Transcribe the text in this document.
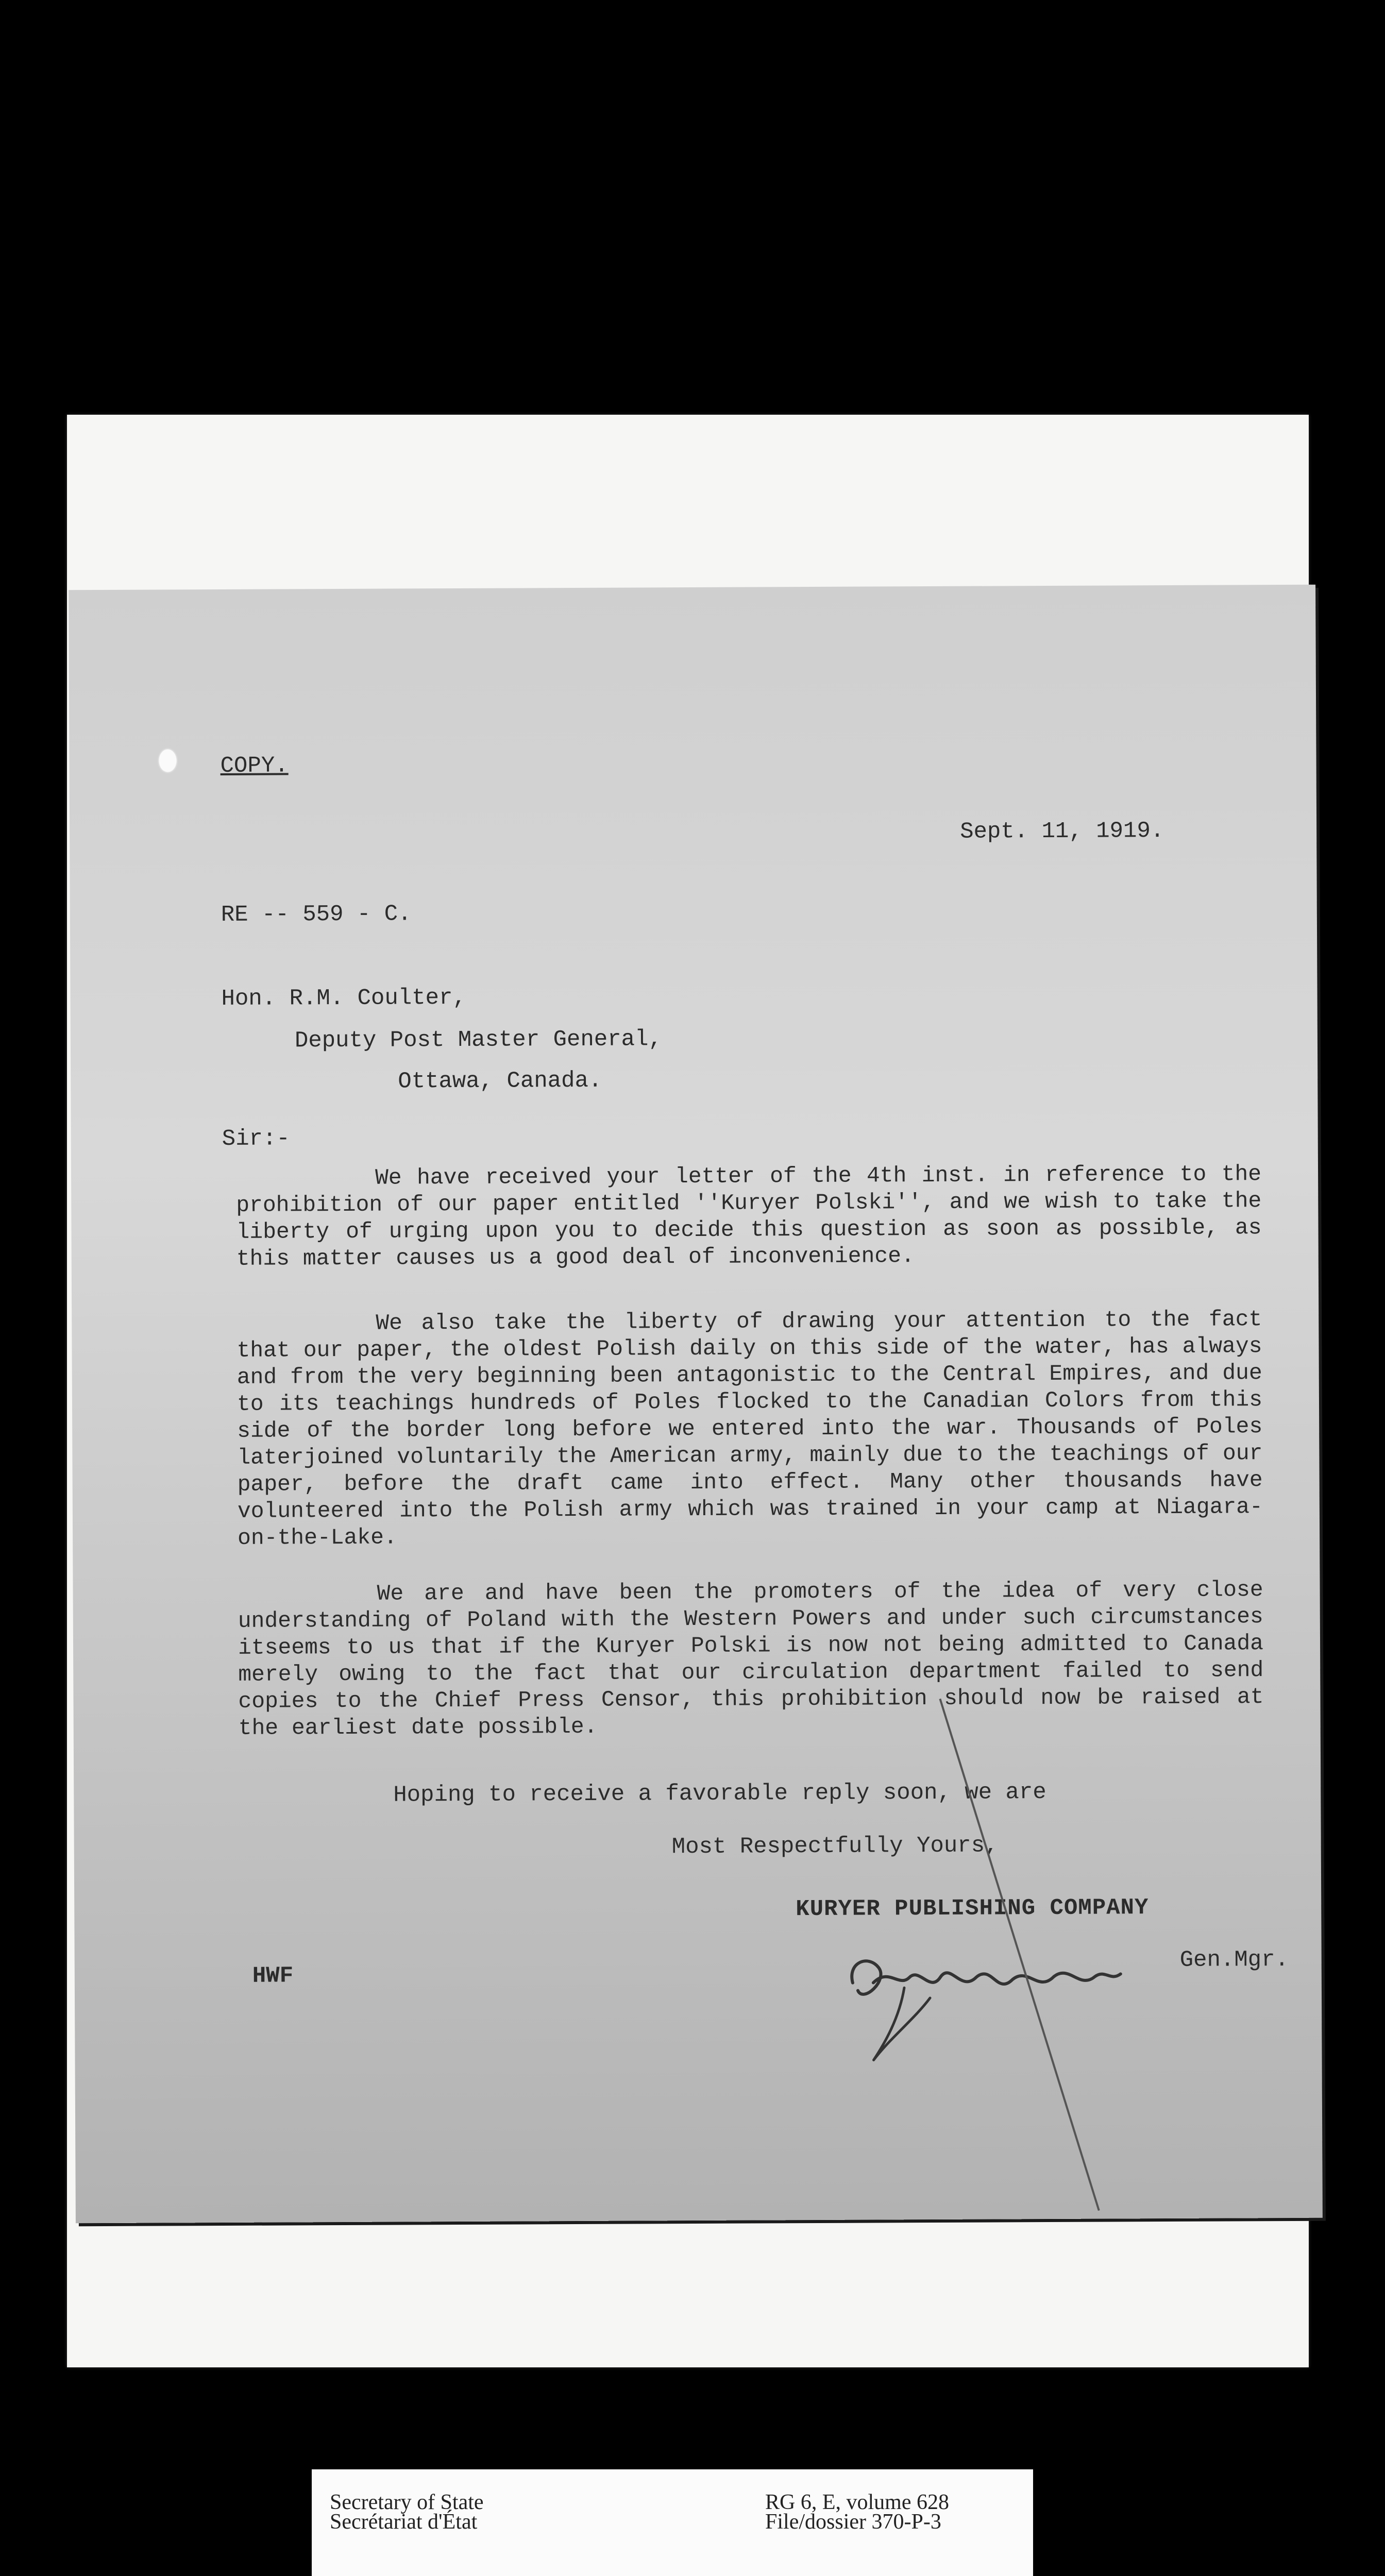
COPY.
Sept. 11, 1919.
RE -- 559 - C.
Hon. R.M. Coulter,
Deputy Post Master General,
Ottawa, Canada.
Sir:-

We have received your letter of the 4th inst. in reference to the prohibition of our paper entitled ''Kuryer Polski'', and we wish to take the liberty of urging upon you to decide this question as soon as possible, as this matter causes us a good deal of inconvenience.

We also take the liberty of drawing your attention to the fact that our paper, the oldest Polish daily on this side of the water, has always and from the very beginning been antagonistic to the Central Empires, and due to its teachings hundreds of Poles flocked to the Canadian Colors from this side of the border long before we entered into the war. Thousands of Poles laterjoined voluntarily the American army, mainly due to the teachings of our paper, before the draft came into effect. Many other thousands have volunteered into the Polish army which was trained in your camp at Niagara-on-the-Lake.

We are and have been the promoters of the idea of very close understanding of Poland with the Western Powers and under such circumstances itseems to us that if the Kuryer Polski is now not being admitted to Canada merely owing to the fact that our circulation department failed to send copies to the Chief Press Censor, this prohibition should now be raised at the earliest date possible.

Hoping to receive a favorable reply soon, we are
Most Respectfully Yours,
KURYER PUBLISHING COMPANY
HWF
Gen.Mgr.
Secretary of State
Secrétariat d'État
RG 6, E, volume 628
File/dossier 370-P-3
